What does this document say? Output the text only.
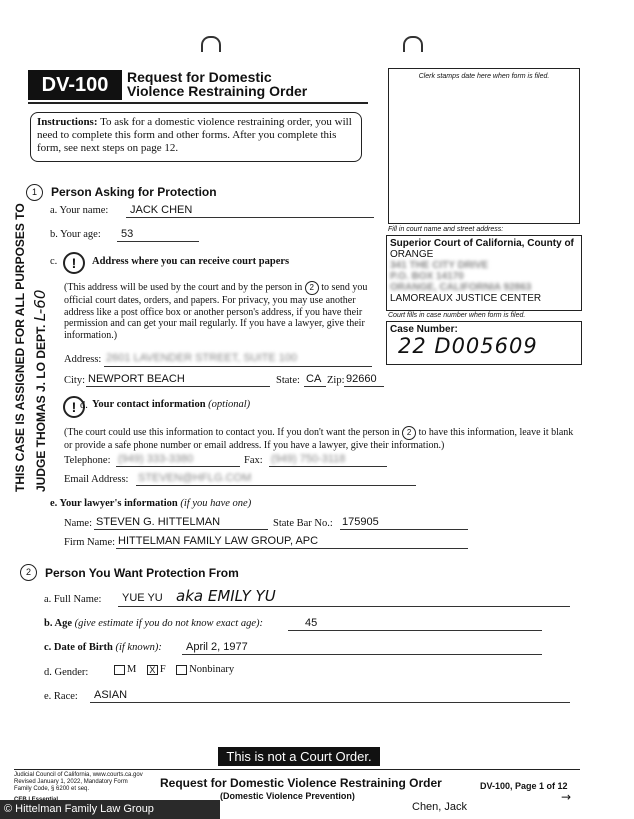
DV-100	Request for Domestic
Violence Restraining Order
Instructions: To ask for a domestic violence restraining order, you will need to complete this form and other forms. After you complete this form, see next steps on page 12.
Clerk stamps date here when form is filed.
Fill in court name and street address:
Superior Court of California, County of
ORANGE
341 THE CITY DRIVE
P.O. BOX 14170
ORANGE, CALIFORNIA 92863
LAMOREAUX JUSTICE CENTER
Court fills in case number when form is filed.
Case Number:
22 D005609
THIS CASE IS ASSIGNED FOR ALL PURPOSES TO JUDGE THOMAS J. LO DEPT. L-60
1	Person Asking for Protection
a. Your name: JACK CHEN
b. Your age: 53
c.	!	Address where you can receive court papers
(This address will be used by the court and by the person in 2 to send you official court dates, orders, and papers. For privacy, you may use another address like a post office box or another person's address, if you have their permission and can get your mail regularly. If you have a lawyer, give their information.)
Address: 2601 LAVENDER STREET, SUITE 100
City: NEWPORT BEACH	State: CA Zip: 92660
! d. Your contact information (optional)
(The court could use this information to contact you. If you don't want the person in 2 to have this information, leave it blank or provide a safe phone number or email address. If you have a lawyer, give their information.)
Telephone: (949) 333-3380	Fax: (949) 750-3118
Email Address: STEVEN@HFLG.COM
e. Your lawyer's information (if you have one)
Name: STEVEN G. HITTELMAN	State Bar No.: 175905
Firm Name: HITTELMAN FAMILY LAW GROUP, APC
2	Person You Want Protection From
a. Full Name: YUE YU aka EMILY YU
b. Age (give estimate if you do not know exact age):	45
c. Date of Birth (if known): April 2, 1977
d. Gender:	M X F Nonbinary
e. Race: ASIAN
This is not a Court Order.
Judicial Council of California, www.courts.ca.gov
Revised January 1, 2022, Mandatory Form
Family Code, § 6200 et seq.	Request for Domestic Violence Restraining Order
(Domestic Violence Prevention)
DV-100, Page 1 of 12
→
Chen, Jack
© Hittelman Family Law Group
